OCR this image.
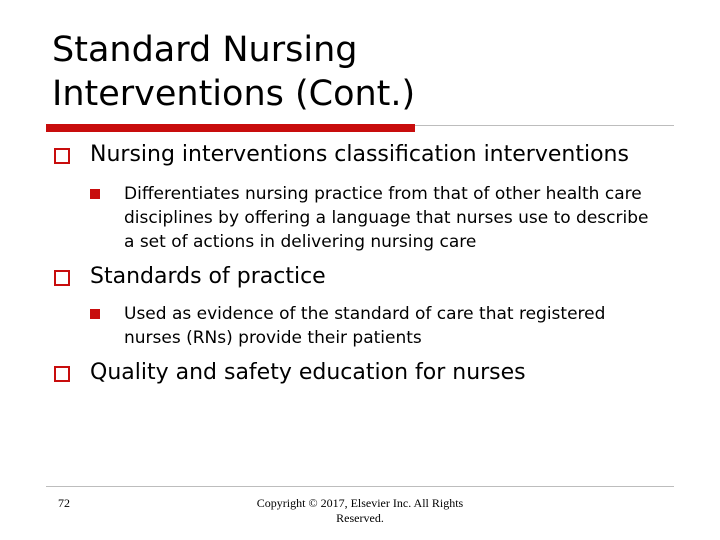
Standard Nursing
Interventions (Cont.)
Nursing interventions classification interventions
Differentiates nursing practice from that of other health care disciplines by offering a language that nurses use to describe a set of actions in delivering nursing care
Standards of practice
Used as evidence of the standard of care that registered nurses (RNs) provide their patients
Quality and safety education for nurses
72	Copyright © 2017, Elsevier Inc. All Rights Reserved.
